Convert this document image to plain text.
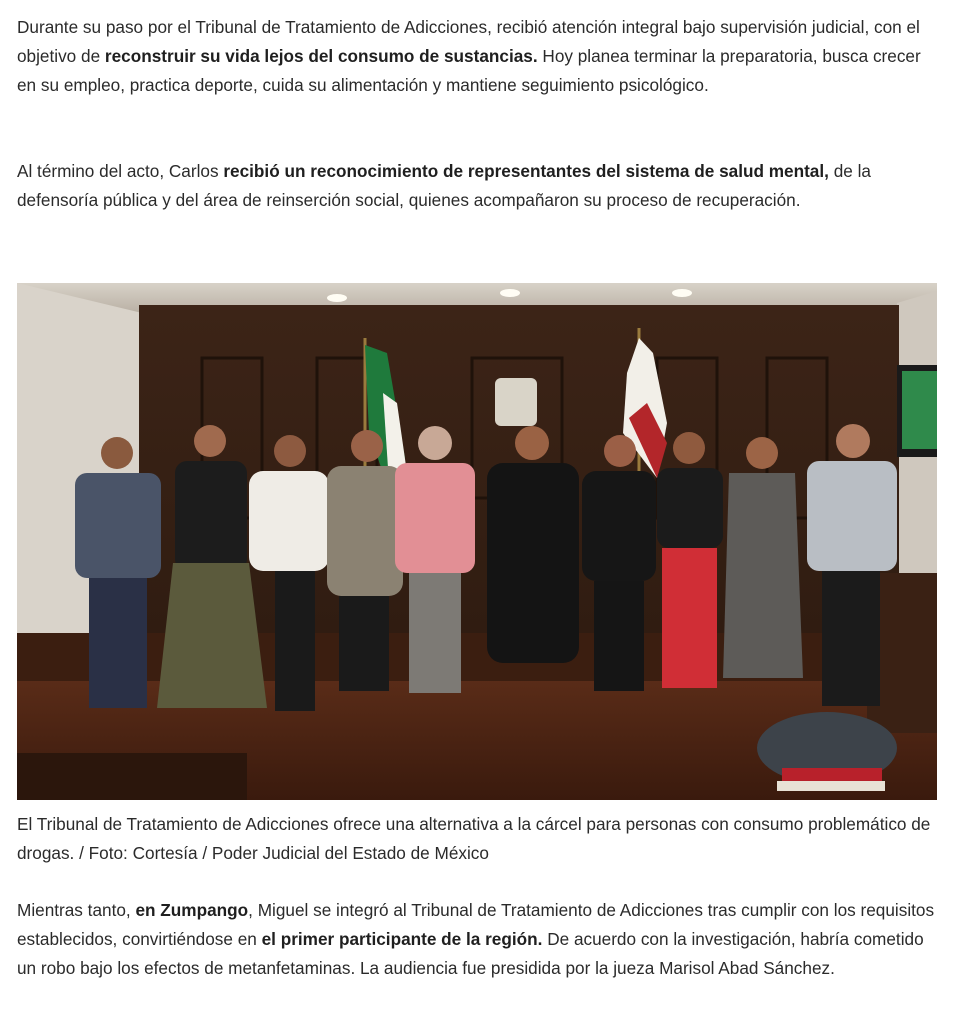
Durante su paso por el Tribunal de Tratamiento de Adicciones, recibió atención integral bajo supervisión judicial, con el objetivo de reconstruir su vida lejos del consumo de sustancias. Hoy planea terminar la preparatoria, busca crecer en su empleo, practica deporte, cuida su alimentación y mantiene seguimiento psicológico.

Al término del acto, Carlos recibió un reconocimiento de representantes del sistema de salud mental, de la defensoría pública y del área de reinserción social, quienes acompañaron su proceso de recuperación.

El Tribunal de Tratamiento de Adicciones ofrece una alternativa a la cárcel para personas con consumo problemático de drogas. / Foto: Cortesía / Poder Judicial del Estado de México

Mientras tanto, en Zumpango, Miguel se integró al Tribunal de Tratamiento de Adicciones tras cumplir con los requisitos establecidos, convirtiéndose en el primer participante de la región. De acuerdo con la investigación, habría cometido un robo bajo los efectos de metanfetaminas. La audiencia fue presidida por la jueza Marisol Abad Sánchez.
